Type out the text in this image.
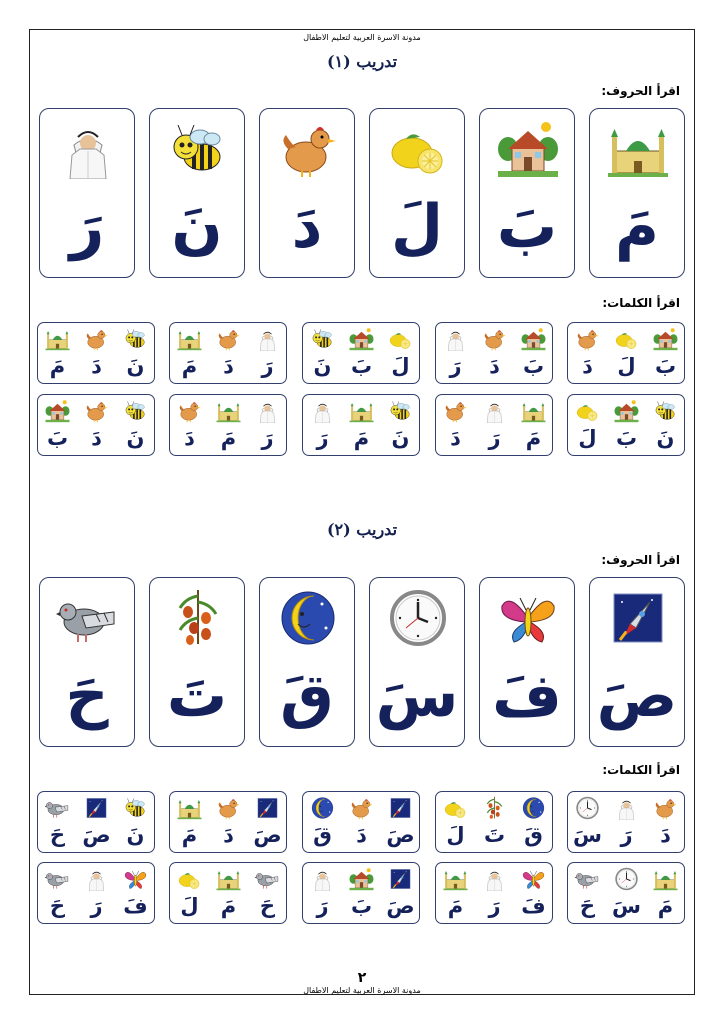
مدونة الاسرة العربية لتعليم الاطفال
تدريب (١)
اقرأ الحروف:
مَ
بَ
لَ
دَ
نَ
رَ
اقرأ الكلمات:
بَ
لَ
دَ
بَ
دَ
رَ
لَ
بَ
نَ
رَ
دَ
مَ
نَ
دَ
مَ
نَ
بَ
لَ
مَ
رَ
دَ
نَ
مَ
رَ
رَ
مَ
دَ
نَ
دَ
بَ
تدريب (٢)
اقرأ الحروف:
صَ
فَ
سَ
قَ
تَ
حَ
اقرأ الكلمات:
دَ
رَ
سَ
قَ
تَ
لَ
صَ
دَ
قَ
صَ
دَ
مَ
نَ
صَ
حَ
مَ
سَ
حَ
فَ
رَ
مَ
صَ
بَ
رَ
حَ
مَ
لَ
فَ
رَ
حَ
٢
مدونة الاسرة العربية لتعليم الاطفال
